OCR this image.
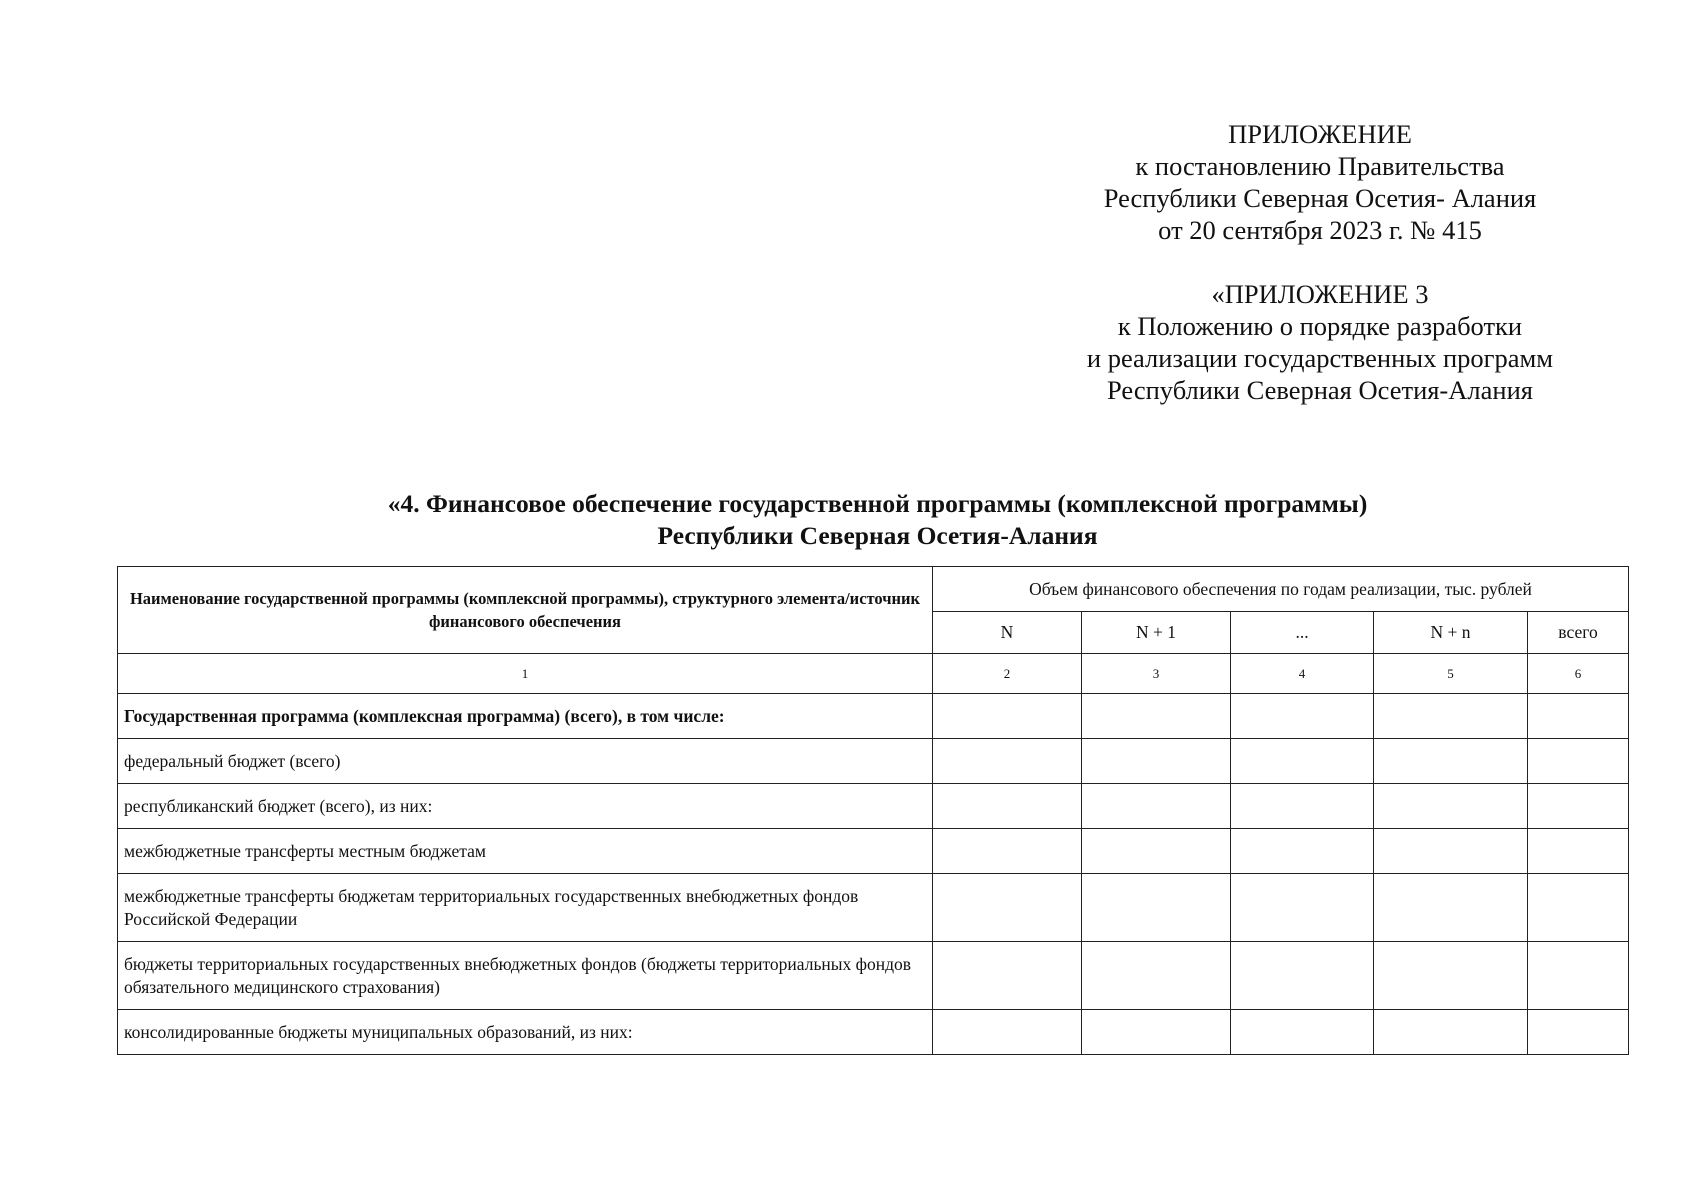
ПРИЛОЖЕНИЕ
к постановлению Правительства
Республики Северная Осетия- Алания
от 20 сентября 2023 г. № 415
«ПРИЛОЖЕНИЕ 3
к Положению о порядке разработки
и реализации государственных программ
Республики Северная Осетия-Алания
«4. Финансовое обеспечение государственной программы (комплексной программы)
Республики Северная Осетия-Алания
Наименование государственной программы (комплексной программы), структурного элемента/источник финансового обеспечения	Объем финансового обеспечения по годам реализации, тыс. рублей				
	N	N + 1	...	N + n	всего
1	2	3	4	5	6
Государственная программа (комплексная программа) (всего), в том числе:					
федеральный бюджет (всего)					
республиканский бюджет (всего), из них:					
межбюджетные трансферты местным бюджетам					
межбюджетные трансферты бюджетам территориальных государственных внебюджетных фондов Российской Федерации					
бюджеты территориальных государственных внебюджетных фондов (бюджеты территориальных фондов обязательного медицинского страхования)					
консолидированные бюджеты муниципальных образований, из них:					
